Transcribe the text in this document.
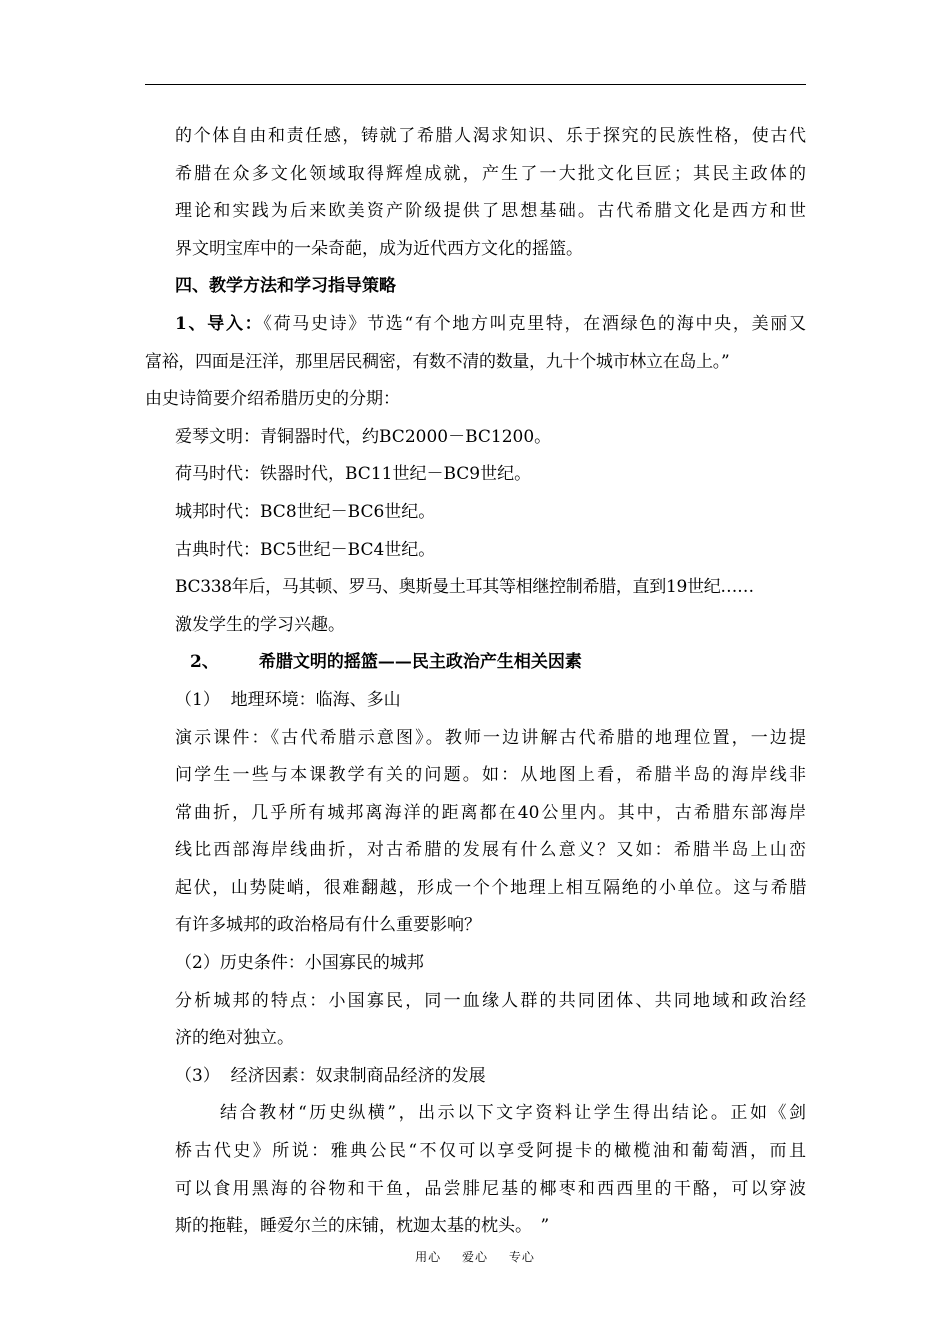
的个体自由和责任感，铸就了希腊人渴求知识、乐于探究的民族性格，使古代
希腊在众多文化领域取得辉煌成就，产生了一大批文化巨匠；其民主政体的
理论和实践为后来欧美资产阶级提供了思想基础。古代希腊文化是西方和世
界文明宝库中的一朵奇葩，成为近代西方文化的摇篮。
四、教学方法和学习指导策略
1、导入：《荷马史诗》节选“有个地方叫克里特，在酒绿色的海中央，美丽又
富裕，四面是汪洋，那里居民稠密，有数不清的数量，九十个城市林立在岛上。”
由史诗简要介绍希腊历史的分期：
爱琴文明：青铜器时代，约BC2000－BC1200。
荷马时代：铁器时代，BC11世纪－BC9世纪。
城邦时代：BC8世纪－BC6世纪。
古典时代：BC5世纪－BC4世纪。
BC338年后，马其顿、罗马、奥斯曼土耳其等相继控制希腊，直到19世纪……
激发学生的学习兴趣。
2、 希腊文明的摇篮——民主政治产生相关因素
（1） 地理环境：临海、多山
演示课件：《古代希腊示意图》。教师一边讲解古代希腊的地理位置，一边提
问学生一些与本课教学有关的问题。如：从地图上看，希腊半岛的海岸线非
常曲折，几乎所有城邦离海洋的距离都在40公里内。其中，古希腊东部海岸
线比西部海岸线曲折，对古希腊的发展有什么意义？又如：希腊半岛上山峦
起伏，山势陡峭，很难翻越，形成一个个地理上相互隔绝的小单位。这与希腊
有许多城邦的政治格局有什么重要影响？
（2）历史条件：小国寡民的城邦
分析城邦的特点：小国寡民，同一血缘人群的共同团体、共同地域和政治经
济的绝对独立。
（3） 经济因素：奴隶制商品经济的发展
结合教材“历史纵横”，出示以下文字资料让学生得出结论。正如《剑
桥古代史》所说：雅典公民“不仅可以享受阿提卡的橄榄油和葡萄酒，而且
可以食用黑海的谷物和干鱼，品尝腓尼基的椰枣和西西里的干酪，可以穿波
斯的拖鞋，睡爱尔兰的床铺，枕迦太基的枕头。　”
用心 爱心 专心
